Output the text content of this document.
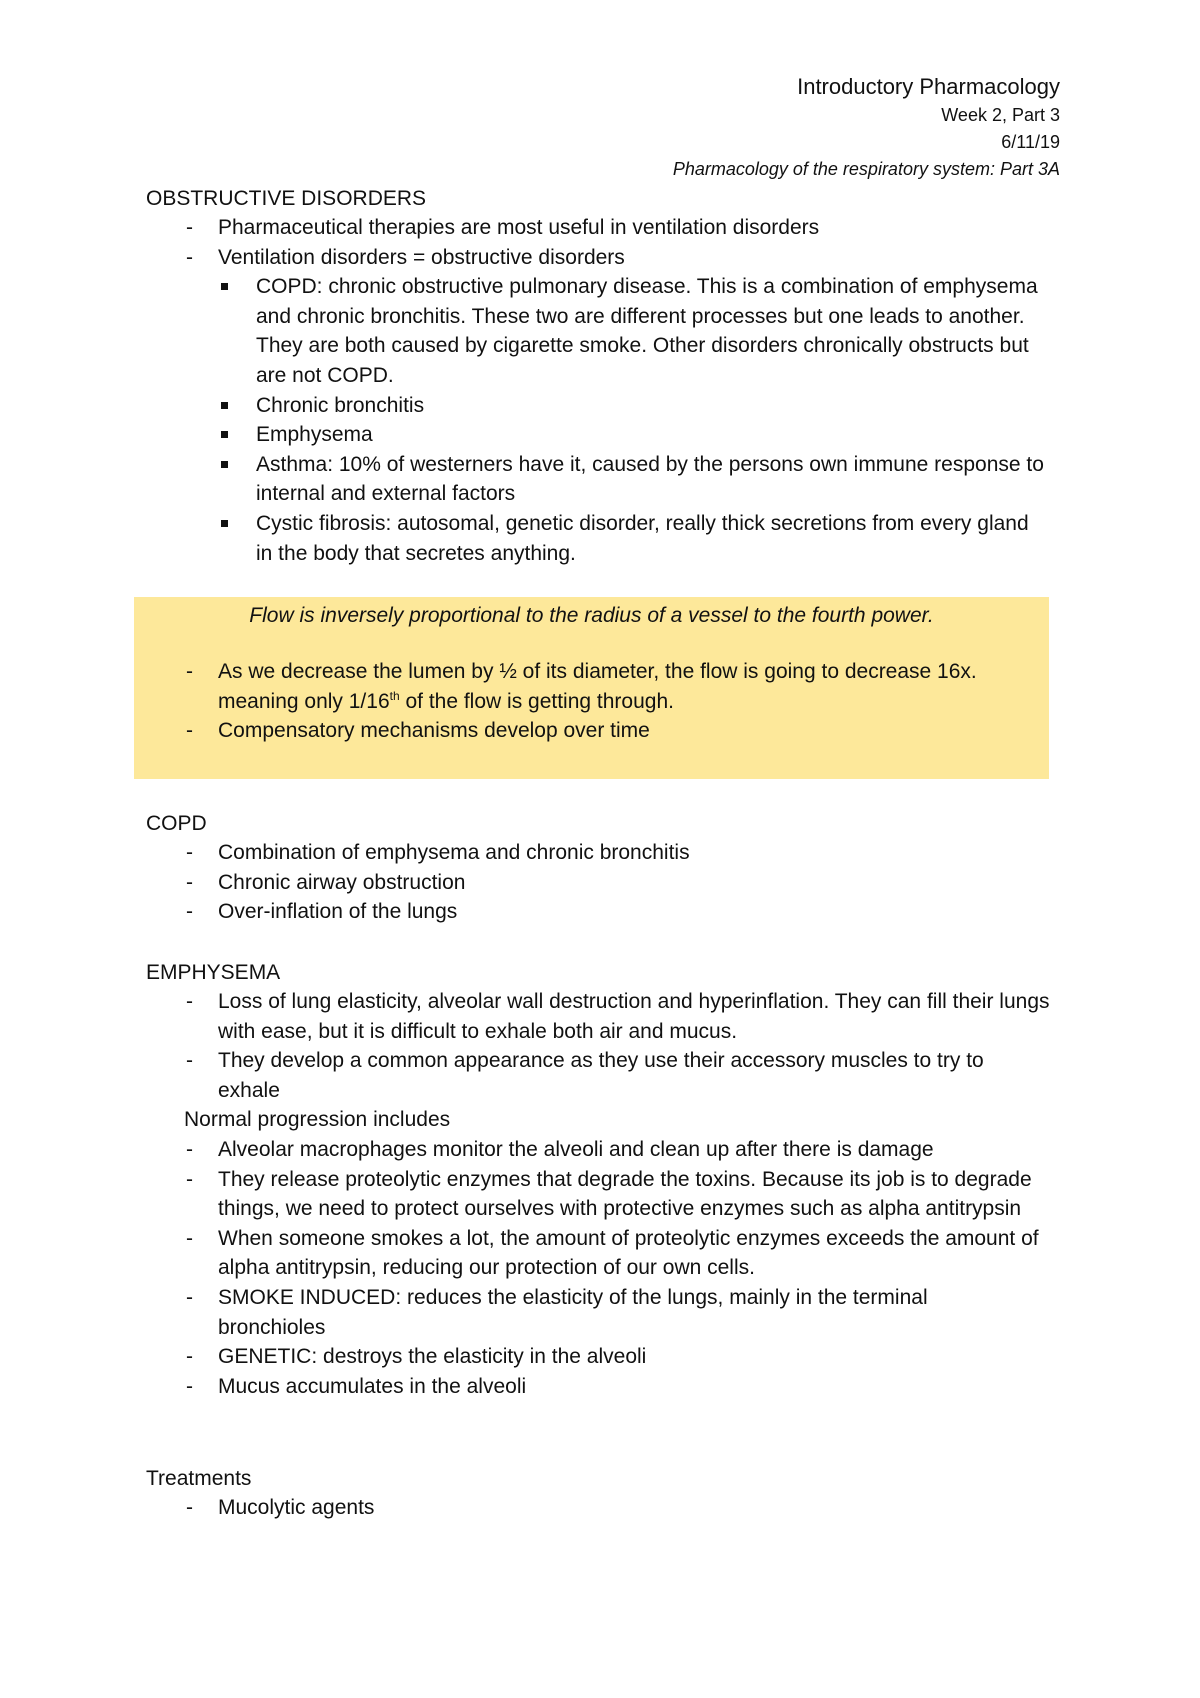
Introductory Pharmacology
Week 2, Part 3
6/11/19
Pharmacology of the respiratory system: Part 3A
OBSTRUCTIVE DISORDERS
- Pharmaceutical therapies are most useful in ventilation disorders
- Ventilation disorders = obstructive disorders
COPD: chronic obstructive pulmonary disease. This is a combination of emphysema and chronic bronchitis. These two are different processes but one leads to another. They are both caused by cigarette smoke. Other disorders chronically obstructs but are not COPD.
Chronic bronchitis
Emphysema
Asthma: 10% of westerners have it, caused by the persons own immune response to internal and external factors
Cystic fibrosis: autosomal, genetic disorder, really thick secretions from every gland in the body that secretes anything.
Flow is inversely proportional to the radius of a vessel to the fourth power.
- As we decrease the lumen by ½ of its diameter, the flow is going to decrease 16x. meaning only 1/16th of the flow is getting through.
- Compensatory mechanisms develop over time
COPD
- Combination of emphysema and chronic bronchitis
- Chronic airway obstruction
- Over-inflation of the lungs
EMPHYSEMA
- Loss of lung elasticity, alveolar wall destruction and hyperinflation. They can fill their lungs with ease, but it is difficult to exhale both air and mucus.
- They develop a common appearance as they use their accessory muscles to try to exhale
Normal progression includes
- Alveolar macrophages monitor the alveoli and clean up after there is damage
- They release proteolytic enzymes that degrade the toxins. Because its job is to degrade things, we need to protect ourselves with protective enzymes such as alpha antitrypsin
- When someone smokes a lot, the amount of proteolytic enzymes exceeds the amount of alpha antitrypsin, reducing our protection of our own cells.
- SMOKE INDUCED: reduces the elasticity of the lungs, mainly in the terminal bronchioles
- GENETIC: destroys the elasticity in the alveoli
- Mucus accumulates in the alveoli
Treatments
- Mucolytic agents
